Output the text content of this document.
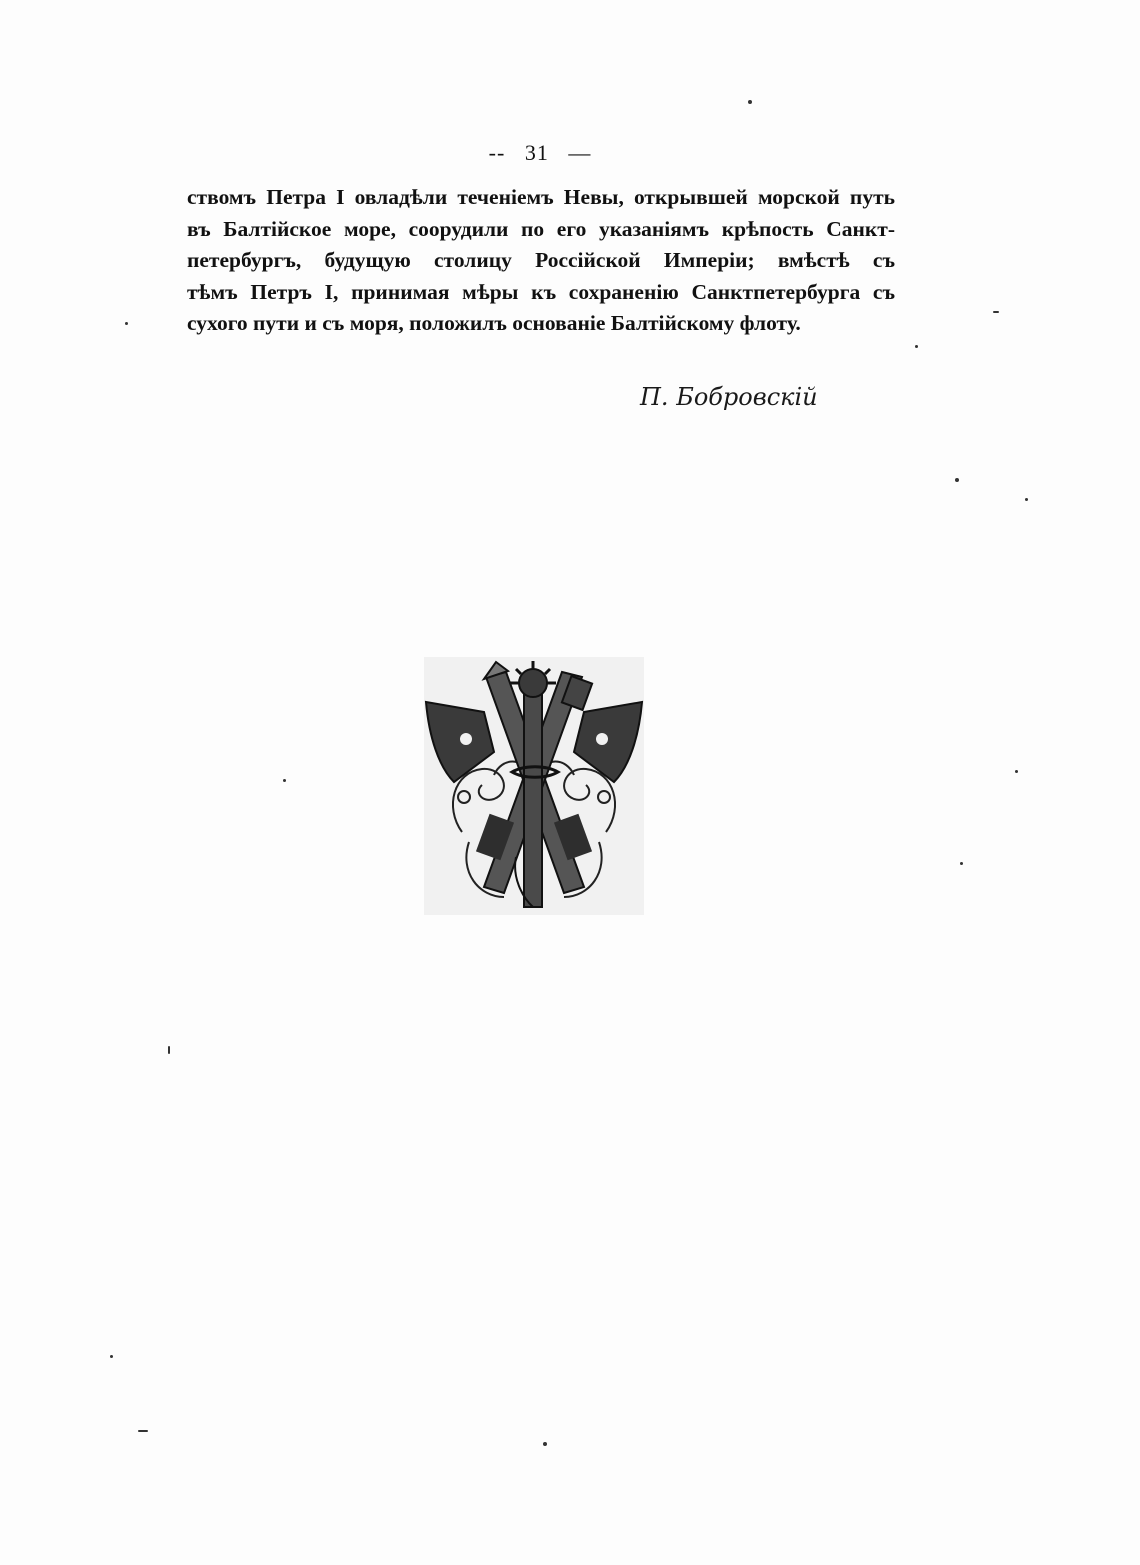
-- 31 —
ствомъ Петра I овладѣли теченіемъ Невы, открывшей морской путь
въ Балтійское море, соорудили по его указаніямъ крѣпость Санкт-
петербургъ, будущую столицу Россійской Имперіи; вмѣстѣ съ
тѣмъ Петръ I, принимая мѣры къ сохраненію Санктпетербурга съ
сухого пути и съ моря, положилъ основаніе Балтійскому флоту.
П. Бобровскій
